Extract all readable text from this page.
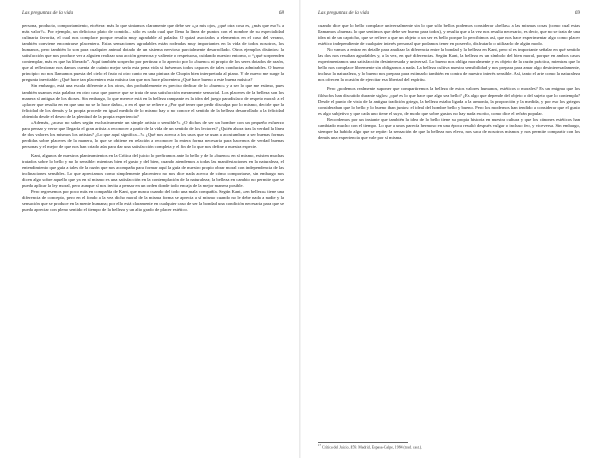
Las preguntas de la vida	68

persona, producto, comportamiento, etcétera: más lo que sintamos claramente que debe ser «¿a mis ojos, ¿qué otra cosa es, ¿más que eso?» a más valor?». Por ejemplo, un delicioso plato de comida... sólo es cada cual que llena la línea de puntos con el nombre de su especialidad culinaria favorita, el cual nos complace porque resulta muy agradable al paladar. O quizá asociados a elementos en el caso del verano, también conviene encontrarse placentera. Estas sensaciones agradables están rodeadas muy importantes en la vida de todos nosotros, los humanos, pero también lo son para cualquier animal dotado de un sistema nervioso parcialmente desarrollado. Otros ejemplos distintos: la satisfacción que nos produce ver a alguien realizar una acción generosa y valiente o respetuosa, cuidando nuestro entorno, o “¿qué sorprenden contemplar, más es que ha liberado”. Aquí también sospecho por pertinaz o lo aprecio por lo «bueno» ni propio de los seres dotados de razón, que al reflexionar nos damos cuenta de cuánto mejor sería esta pena vida si fuésemos todos capaces de tales conductas admirables. O bueno principio: no nos llamamos puesta del cielo el fruto ni otro canto en una pintura de Chopin bien interpretada al piano. Y de nuevo me surge la pregunta inevitable: ¿Qué hace tan placentera esta música tan que nos hace placentera ¿Qué hace bueno a este buena música?

Sin embargo, está una escala diferente a los otros, dos probablemente es preciso dedicar de lo «bueno» y a ser lo que me estimo, pues también usamos esta palabra en otro caso que parece que se trata de una satisfacción meramente sensorial. Los placeres de la belleza son los manera sí antigua de los dioses. Sin embargo, lo que merece está en la belleza rampante es la idea del juego paradisíaco de respeto moral: a el «placer que resulta en en que uno no se lo hace daño», o en el que se refiere a ¿Por qué tener que pedir disculpa por lo mismo, decirle que la felicidad de los demás y la propia procede en igual medida de lo mismo hay o no conoce el sentido de la belleza desarrollado a la felicidad obtenida desde el deseo de la plenitud de la propia experiencia?

«Además, ¿acaso no sabes según exclusivamente un simple artista o sensible?» ¿O dichos de ser un hombre con un pequeño esfuerzo para pensar y verse que llegaría el gran artista a reconocer a partir de la vida de un sentido de los lectores? ¿Quién ahora tras la verdad la línea de dos valores los mismos los artistas? ¿Lo que aquí significa...?» ¿Qué nos acerca a los usos que se usan a acostumbrar a ser buenas formas perdidas sobre placeres de la manera, lo que se obtiene en relación a reconocer la entera forma necesaria para hacernos de verdad buenas personas y el mejor de que nos han criado aún para dar una satisfacción completa y el fin de lo que nos define a nuestra especie.

Kant, algunos de nuestros planteamientos en la Crítica del juicio lo prefiramos ante lo bello y de lo «bueno» en sí mismo, existen muchas tratados sobre lo bello y no lo sensible: mientras bien el gusto y del bien, cuando atendemos a todas las manifestaciones en la naturaleza, el entendimiento que guía a tales de la razón que nos acompaña para formar aquí la guía de nuestro propio obrar moral con independencia de las inclinaciones sensibles. Lo que apreciamos como simplemente placentero no nos dice nada acerca de cómo comportarse, sin embargo nos dicen algo sobre aquello que ya en sí mismo es una satisfacción en la contemplación de la naturaleza; la belleza en cambio no permite que se pueda aplicar la ley moral, pero aunque sí nos invita a pensar en un orden donde todo encaja de la mejor manera posible.

Pero regresemos por poco más en compañía de Kant, que nunca cuando del todo una mala compañía. Según Kant, «en belleza» tiene una diferencia de concepto, pero en el fondo a la vez dicho moral de la misma forma se aprecia a sí mismo cuando no le debe nada a nadie y la sensación que se produce en la mente humana; por ello está claramente en cualquier caso de ser la bondad una condición necesaria para que se pueda apreciar con pleno sentido el tiempo de la belleza y un alto grado de placer estético.

Las preguntas de la vida	69

cuando dice que lo bello complace universalmente sin lo que sólo bellos podemos considerar «bellas» a las mismas cosas (como cual estas llamamos «buena» lo que sentimos que debe ser bueno para todos), y resulta que a la vez nos resulta necesario, es decir, que no se trata de una idea ni de un capricho, que se refiere a que un objeto o un ser es bello porque lo percibimos así, que nos hace experimentar algo como placer estético independiente de cualquier interés personal que podamos tener en poseerlo, disfrutarlo o utilizarlo de algún modo.

No vamos a entrar en detalle para analizar la diferencia entre la bondad y la belleza en Kant, pero sí es importante señalar en qué sentido las dos nos resultan agradables y, a la vez, en qué diferencias. Según Kant, la belleza es un símbolo del bien moral, porque en ambos casos experimentamos una satisfacción desinteresada y universal. Lo bueno nos obliga moralmente y es objeto de la razón práctica, mientras que lo bello nos complace libremente sin obligarnos a nada. La belleza cultiva nuestra sensibilidad y nos prepara para amar algo desinteresadamente, incluso la naturaleza, y lo bueno nos prepara para estimarlo también en contra de nuestro interés sensible. Así, tanto el arte como la naturaleza nos ofrecen la ocasión de ejercitar esa libertad del espíritu.

Pero ¿podemos realmente suponer que compartiremos la belleza de estos valores humanos, estéticos o morales? Es un enigma que los filósofos han discutido durante siglos: ¿qué es lo que hace que algo sea bello? ¿Es algo que depende del objeto o del sujeto que lo contempla? Desde el punto de vista de la antigua tradición griega, la belleza estaba ligada a la armonía, la proporción y la medida, y por eso los griegos consideraban que lo bello y lo bueno iban juntos: el ideal del hombre bello y bueno. Pero los modernos han tendido a considerar que el gusto es algo subjetivo y que cada uno tiene el suyo, de modo que sobre gustos no hay nada escrito, como dice el refrán popular.

Recordemos por un instante que también la idea de lo bello tiene su propia historia en nuestra cultura y que los cánones estéticos han cambiado mucho con el tiempo. Lo que a unos parecía hermoso en una época resultó después vulgar o incluso feo, y viceversa. Sin embargo, siempre ha habido algo que se repite: la sensación de que la belleza nos eleva, nos saca de nosotros mismos y nos permite compartir con los demás una experiencia que vale por sí misma.

$^{17}$ Crítica del Juicio, §59. Madrid, Espasa-Calpe, 1984 (trad. cast.).
